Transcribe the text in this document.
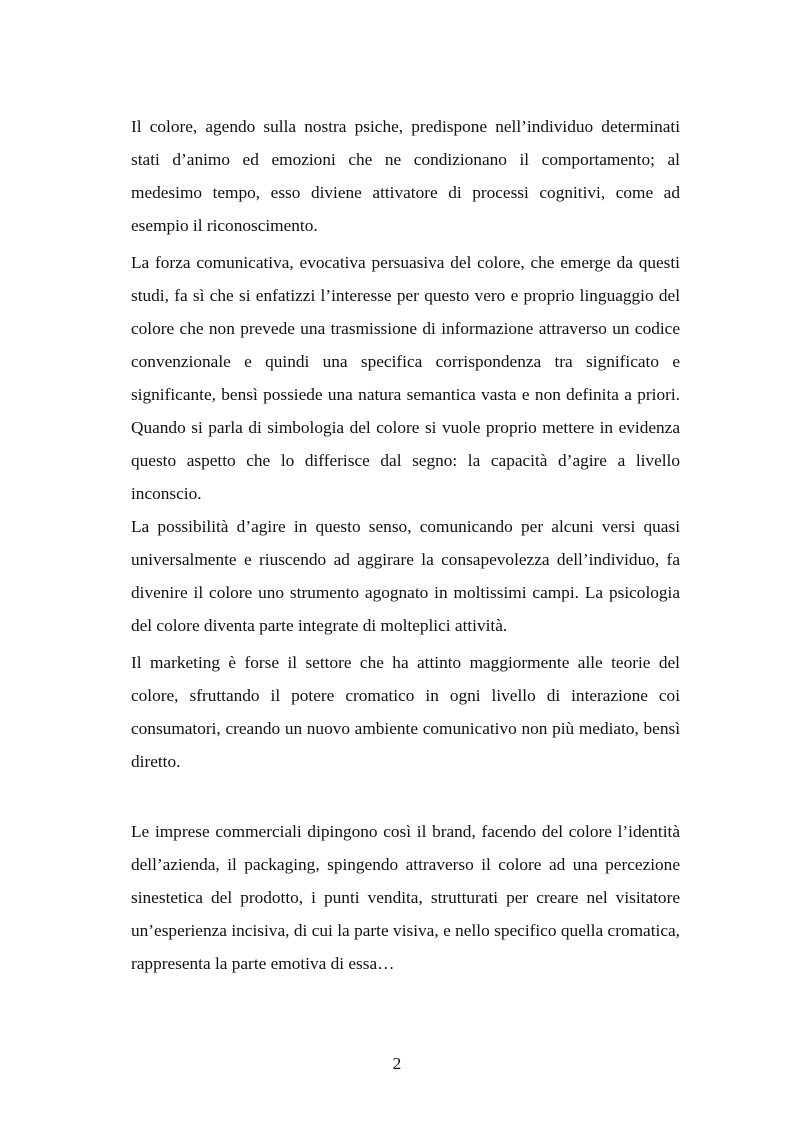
Il colore, agendo sulla nostra psiche, predispone nell’individuo determinati stati d’animo ed emozioni che ne condizionano il comportamento; al medesimo tempo, esso diviene attivatore di processi cognitivi, come ad esempio il riconoscimento.

La forza comunicativa, evocativa persuasiva del colore, che emerge da questi studi, fa sì che si enfatizzi l’interesse per questo vero e proprio linguaggio del colore che non prevede una trasmissione di informazione attraverso un codice convenzionale e quindi una specifica corrispondenza tra significato e significante, bensì possiede una natura semantica vasta e non definita a priori. Quando si parla di simbologia del colore si vuole proprio mettere in evidenza questo aspetto che lo differisce dal segno: la capacità d’agire a livello inconscio.

La possibilità d’agire in questo senso, comunicando per alcuni versi quasi universalmente e riuscendo ad aggirare la consapevolezza dell’individuo, fa divenire il colore uno strumento agognato in moltissimi campi. La psicologia del colore diventa parte integrate di molteplici attività.

Il marketing è forse il settore che ha attinto maggiormente alle teorie del colore, sfruttando il potere cromatico in ogni livello di interazione coi consumatori, creando un nuovo ambiente comunicativo non più mediato, bensì diretto.

Le imprese commerciali dipingono così il brand, facendo del colore l’identità dell’azienda, il packaging, spingendo attraverso il colore ad una percezione sinestetica del prodotto, i punti vendita, strutturati per creare nel visitatore un’esperienza incisiva, di cui la parte visiva, e nello specifico quella cromatica, rappresenta la parte emotiva di essa…

2
